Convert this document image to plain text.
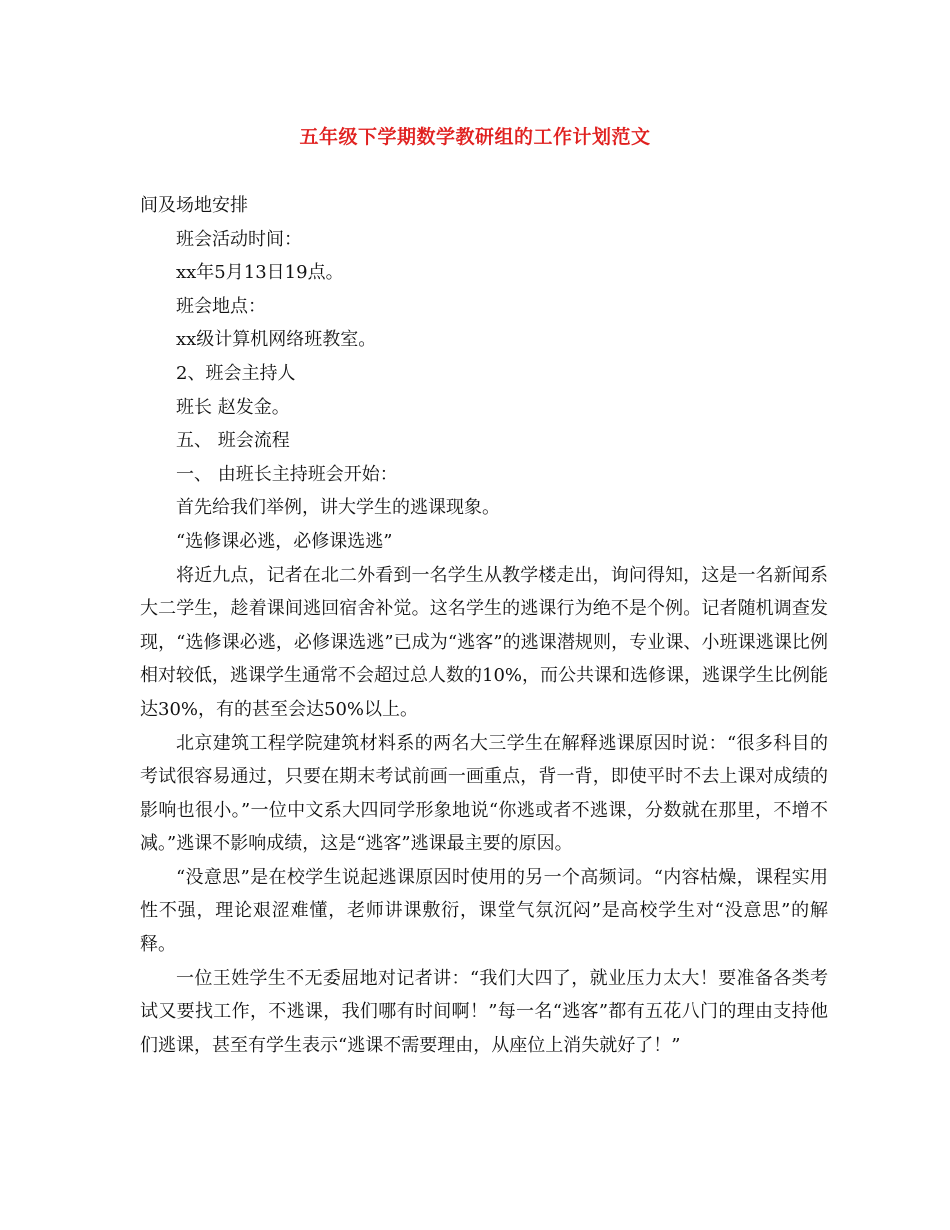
五年级下学期数学教研组的工作计划范文

间及场地安排

班会活动时间：

xx年5月13日19点。

班会地点：

xx级计算机网络班教室。

2、班会主持人

班长 赵发金。

五、 班会流程

一、 由班长主持班会开始：

首先给我们举例，讲大学生的逃课现象。

“选修课必逃，必修课选逃”

将近九点，记者在北二外看到一名学生从教学楼走出，询问得知，这是一名新闻系大二学生，趁着课间逃回宿舍补觉。这名学生的逃课行为绝不是个例。记者随机调查发现，“选修课必逃，必修课选逃”已成为“逃客”的逃课潜规则，专业课、小班课逃课比例相对较低，逃课学生通常不会超过总人数的10%，而公共课和选修课，逃课学生比例能达30%，有的甚至会达50%以上。

北京建筑工程学院建筑材料系的两名大三学生在解释逃课原因时说：“很多科目的考试很容易通过，只要在期末考试前画一画重点，背一背，即使平时不去上课对成绩的影响也很小。”一位中文系大四同学形象地说“你逃或者不逃课，分数就在那里，不增不减。”逃课不影响成绩，这是“逃客”逃课最主要的原因。

“没意思”是在校学生说起逃课原因时使用的另一个高频词。“内容枯燥，课程实用性不强，理论艰涩难懂，老师讲课敷衍，课堂气氛沉闷”是高校学生对“没意思”的解释。

一位王姓学生不无委屈地对记者讲：“我们大四了，就业压力太大！要准备各类考试又要找工作，不逃课，我们哪有时间啊！”每一名“逃客”都有五花八门的理由支持他们逃课，甚至有学生表示“逃课不需要理由，从座位上消失就好了！”
